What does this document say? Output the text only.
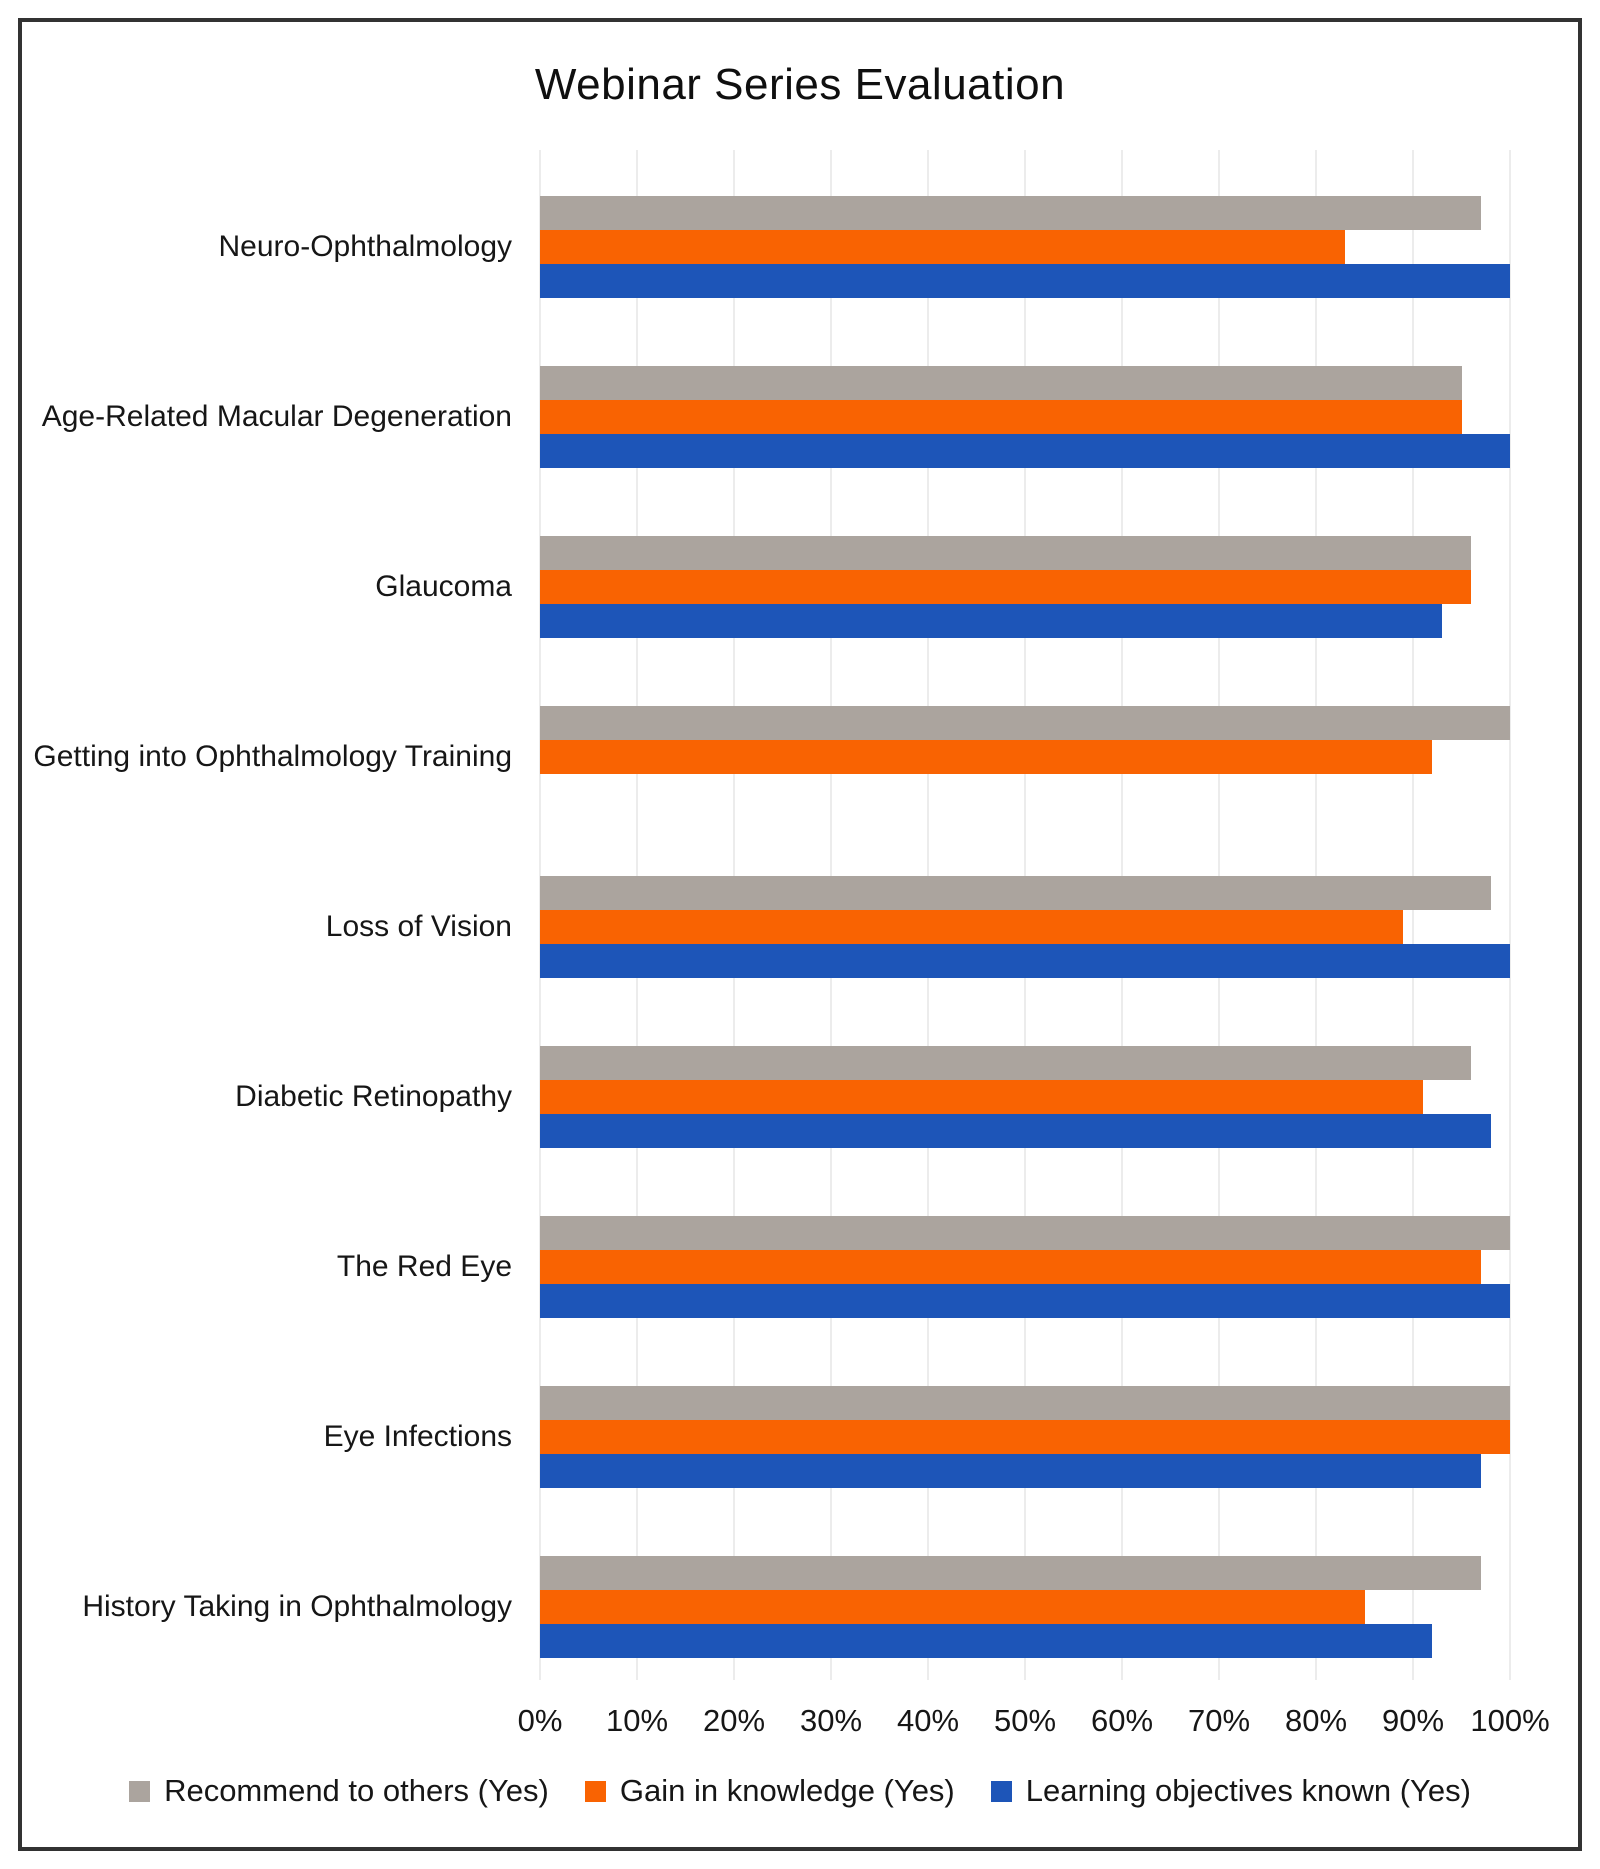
Webinar Series Evaluation
Neuro-Ophthalmology
Age-Related Macular Degeneration
Glaucoma
Getting into Ophthalmology Training
Loss of Vision
Diabetic Retinopathy
The Red Eye
Eye Infections
History Taking in Ophthalmology
0% 10% 20% 30% 40% 50% 60% 70% 80% 90% 100%
Recommend to others (Yes) Gain in knowledge (Yes) Learning objectives known (Yes)
